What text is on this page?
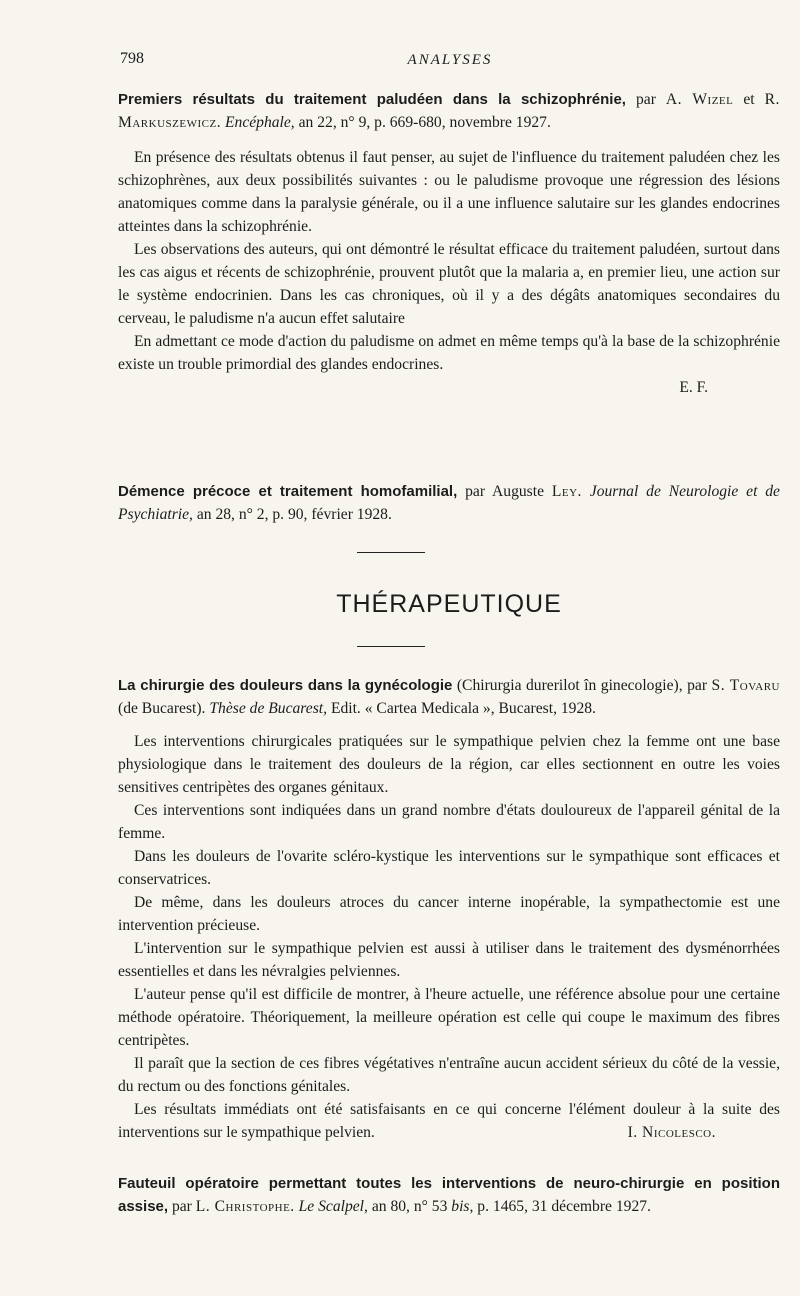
798	ANALYSES

Premiers résultats du traitement paludéen dans la schizophrénie, par A. Wizel et R. Markuszewicz. Encéphale, an 22, n° 9, p. 669-680, novembre 1927.

En présence des résultats obtenus il faut penser, au sujet de l'influence du traitement paludéen chez les schizophrènes, aux deux possibilités suivantes : ou le paludisme provoque une régression des lésions anatomiques comme dans la paralysie générale, ou il a une influence salutaire sur les glandes endocrines atteintes dans la schizophrénie.

Les observations des auteurs, qui ont démontré le résultat efficace du traitement paludéen, surtout dans les cas aigus et récents de schizophrénie, prouvent plutôt que la malaria a, en premier lieu, une action sur le système endocrinien. Dans les cas chroniques, où il y a des dégâts anatomiques secondaires du cerveau, le paludisme n'a aucun effet salutaire

En admettant ce mode d'action du paludisme on admet en même temps qu'à la base de la schizophrénie existe un trouble primordial des glandes endocrines.

E. F.

Démence précoce et traitement homofamilial, par Auguste Ley. Journal de Neurologie et de Psychiatrie, an 28, n° 2, p. 90, février 1928.

THÉRAPEUTIQUE

La chirurgie des douleurs dans la gynécologie (Chirurgia durerilot în ginecologie), par S. Tovaru (de Bucarest). Thèse de Bucarest, Edit. « Cartea Medicala », Bucarest, 1928.

Les interventions chirurgicales pratiquées sur le sympathique pelvien chez la femme ont une base physiologique dans le traitement des douleurs de la région, car elles sectionnent en outre les voies sensitives centripètes des organes génitaux.

Ces interventions sont indiquées dans un grand nombre d'états douloureux de l'appareil génital de la femme.

Dans les douleurs de l'ovarite scléro-kystique les interventions sur le sympathique sont efficaces et conservatrices.

De même, dans les douleurs atroces du cancer interne inopérable, la sympathectomie est une intervention précieuse.

L'intervention sur le sympathique pelvien est aussi à utiliser dans le traitement des dysménorrhées essentielles et dans les névralgies pelviennes.

L'auteur pense qu'il est difficile de montrer, à l'heure actuelle, une référence absolue pour une certaine méthode opératoire. Théoriquement, la meilleure opération est celle qui coupe le maximum des fibres centripètes.

Il paraît que la section de ces fibres végétatives n'entraîne aucun accident sérieux du côté de la vessie, du rectum ou des fonctions génitales.

Les résultats immédiats ont été satisfaisants en ce qui concerne l'élément douleur à la suite des interventions sur le sympathique pelvien.	I. Nicolesco.

Fauteuil opératoire permettant toutes les interventions de neuro-chirurgie en position assise, par L. Christophe. Le Scalpel, an 80, n° 53 bis, p. 1465, 31 décembre 1927.
